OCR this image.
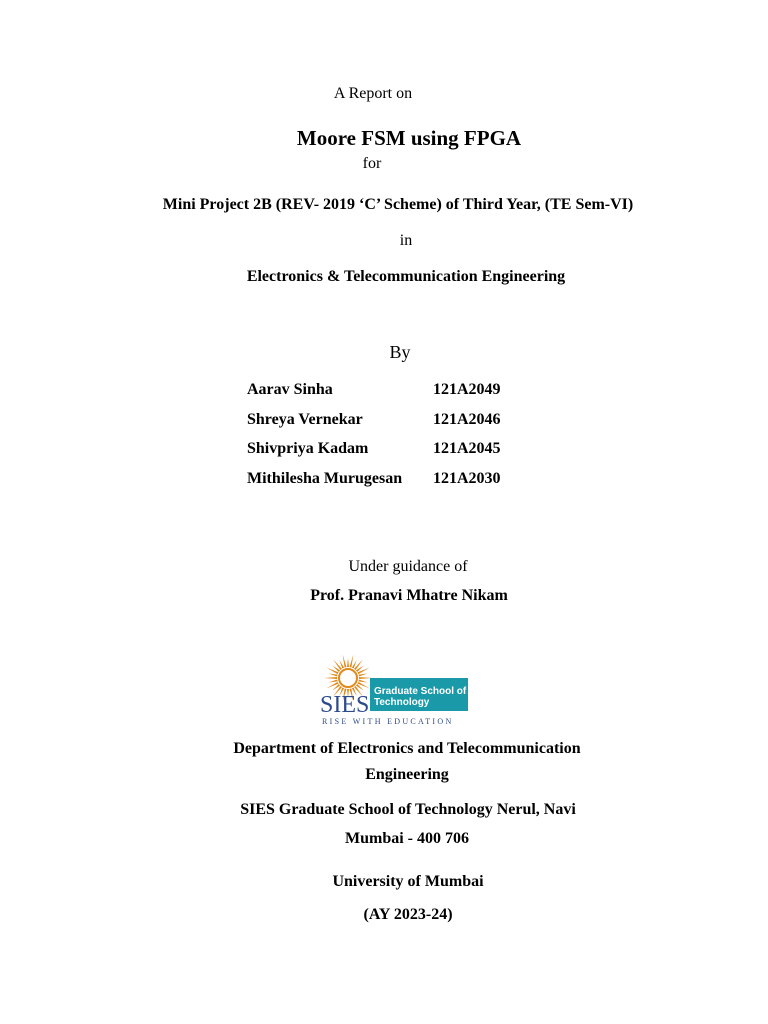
A Report on
Moore FSM using FPGA
for
Mini Project 2B (REV- 2019 ‘C’ Scheme) of Third Year, (TE Sem-VI)
in
Electronics & Telecommunication Engineering
By
Aarav Sinha	121A2049
Shreya Vernekar	121A2046
Shivpriya Kadam	121A2045
Mithilesha Murugesan 121A2030
Under guidance of
Prof. Pranavi Mhatre Nikam
SIES
Graduate School of
Technology
RISE WITH EDUCATION
Department of Electronics and Telecommunication
Engineering
SIES Graduate School of Technology Nerul, Navi
Mumbai - 400 706
University of Mumbai
(AY 2023-24)
